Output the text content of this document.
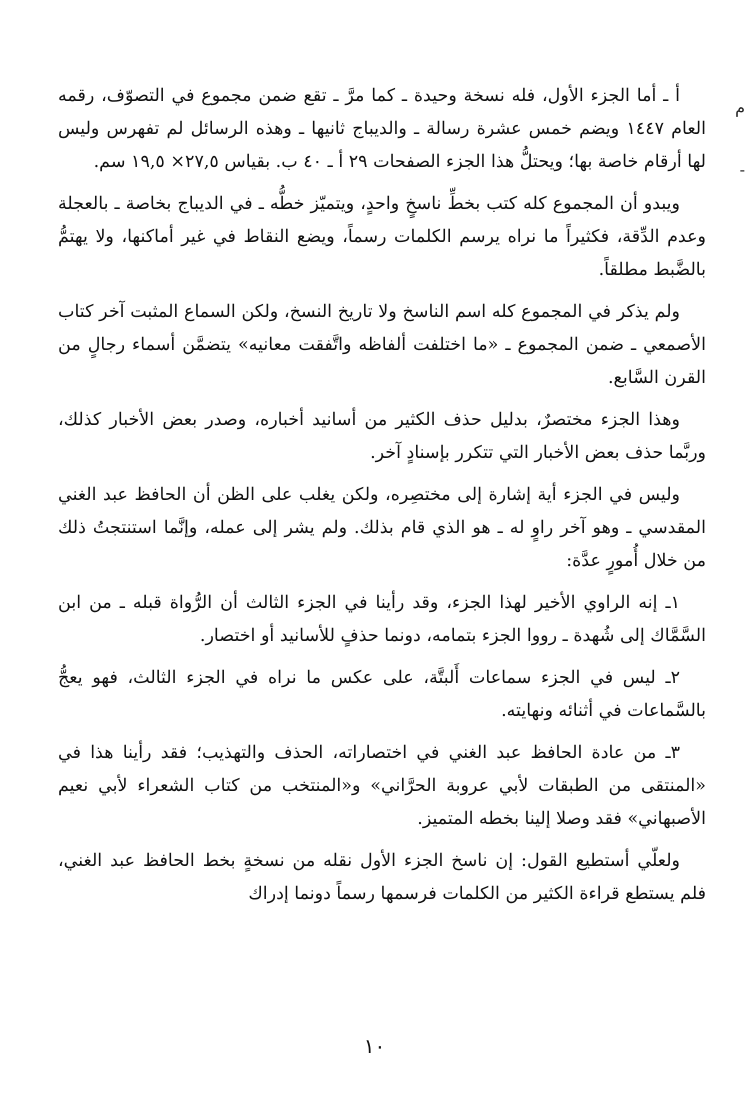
م
-

أ ـ أما الجزء الأول، فله نسخة وحيدة ـ كما مرَّ ـ تقع ضمن مجموع في التصوّف، رقمه العام ١٤٤٧ ويضم خمس عشرة رسالة ـ والديباج ثانيها ـ وهذه الرسائل لم تفهرس وليس لها أرقام خاصة بها؛ ويحتلُّ هذا الجزء الصفحات ٢٩ أ ـ ٤٠ ب. بقياس ٢٧,٥× ١٩,٥ سم.

ويبدو أن المجموع كله كتب بخطِّ ناسخٍ واحدٍ، ويتميّز خطُّه ـ في الديباج بخاصة ـ بالعجلة وعدم الدِّقة، فكثيراً ما نراه يرسم الكلمات رسماً، ويضع النقاط في غير أماكنها، ولا يهتمُّ بالضَّبط مطلقاً.

ولم يذكر في المجموع كله اسم الناسخ ولا تاريخ النسخ، ولكن السماع المثبت آخر كتاب الأصمعي ـ ضمن المجموع ـ «ما اختلفت ألفاظه واتَّفقت معانيه» يتضمَّن أسماء رجالٍ من القرن السَّابع.

وهذا الجزء مختصرٌ، بدليل حذف الكثير من أسانيد أخباره، وصدر بعض الأخبار كذلك، وربَّما حذف بعض الأخبار التي تتكرر بإسنادٍ آخر.

وليس في الجزء أية إشارة إلى مختصِره، ولكن يغلب على الظن أن الحافظ عبد الغني المقدسي ـ وهو آخر راوٍ له ـ هو الذي قام بذلك. ولم يشر إلى عمله، وإنَّما استنتجتُ ذلك من خلال أُمورٍ عدَّة:

١ـ إنه الراوي الأخير لهذا الجزء، وقد رأينا في الجزء الثالث أن الرُّواة قبله ـ من ابن السَّمَّاك إلى شُهدة ـ رووا الجزء بتمامه، دونما حذفٍ للأسانيد أو اختصار.

٢ـ ليس في الجزء سماعات أَلبتَّة، على عكس ما نراه في الجزء الثالث، فهو يعجُّ بالسَّماعات في أثنائه ونهايته.

٣ـ من عادة الحافظ عبد الغني في اختصاراته، الحذف والتهذيب؛ فقد رأينا هذا في «المنتقى من الطبقات لأبي عروبة الحرَّاني» و«المنتخب من كتاب الشعراء لأبي نعيم الأصبهاني» فقد وصلا إلينا بخطه المتميز.

ولعلّي أستطيع القول: إن ناسخ الجزء الأول نقله من نسخةٍ بخط الحافظ عبد الغني، فلم يستطع قراءة الكثير من الكلمات فرسمها رسماً دونما إدراك

١٠
